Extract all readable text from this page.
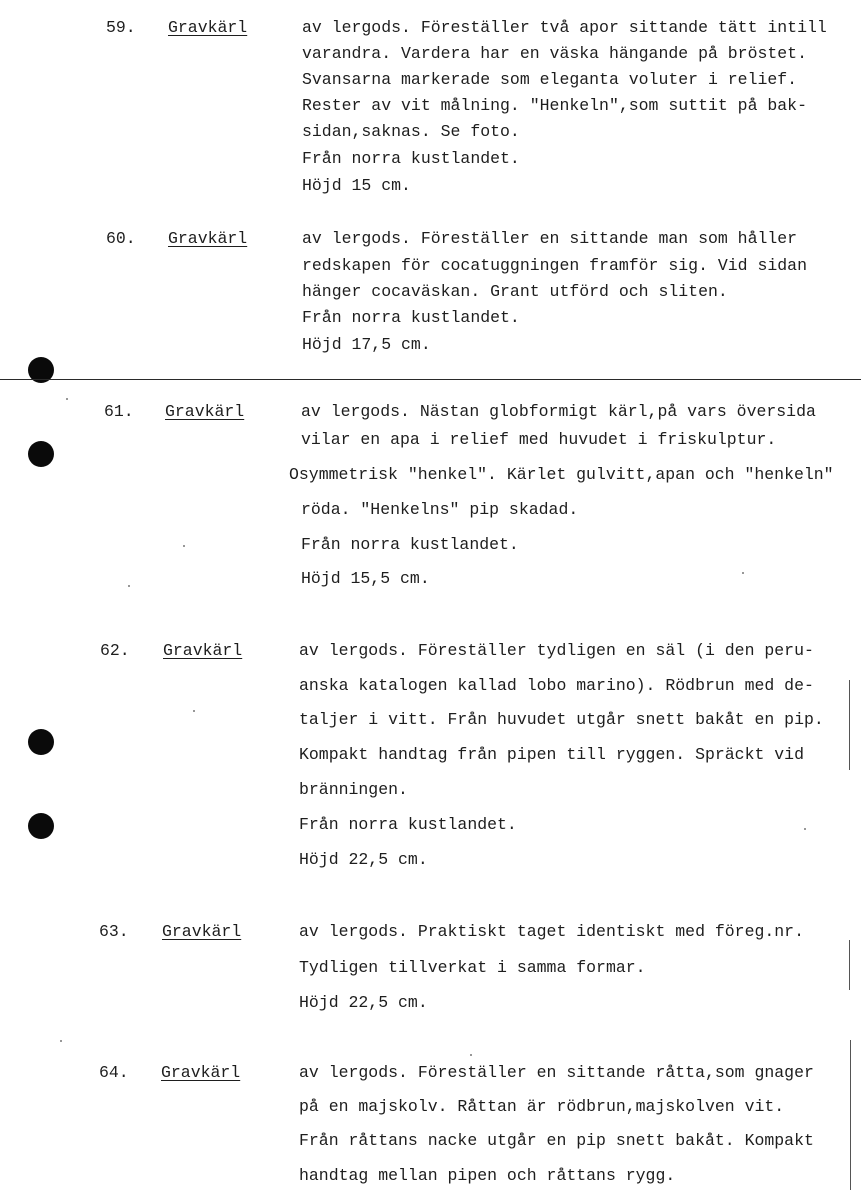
59. Gravkärl	av lergods. Föreställer två apor sittande tätt intill
varandra. Vardera har en väska hängande på bröstet.
Svansarna markerade som eleganta voluter i relief.
Rester av vit målning. "Henkeln",som suttit på bak-
sidan,saknas. Se foto.
Från norra kustlandet.
Höjd 15 cm.
60. Gravkärl	av lergods. Föreställer en sittande man som håller
redskapen för cocatuggningen framför sig. Vid sidan
hänger cocaväskan. Grant utförd och sliten.
Från norra kustlandet.
Höjd 17,5 cm.
61. Gravkärl	av lergods. Nästan globformigt kärl,på vars översida
vilar en apa i relief med huvudet i friskulptur.
Osymmetrisk "henkel". Kärlet gulvitt,apan och "henkeln"
röda. "Henkelns" pip skadad.
Från norra kustlandet.
Höjd 15,5 cm.
62. Gravkärl	av lergods. Föreställer tydligen en säl (i den peru-
anska katalogen kallad lobo marino). Rödbrun med de-
taljer i vitt. Från huvudet utgår snett bakåt en pip.
Kompakt handtag från pipen till ryggen. Spräckt vid
bränningen.
Från norra kustlandet.
Höjd 22,5 cm.
63. Gravkärl	av lergods. Praktiskt taget identiskt med föreg.nr.
Tydligen tillverkat i samma formar.
Höjd 22,5 cm.
64. Gravkärl	av lergods. Föreställer en sittande råtta,som gnager
på en majskolv. Råttan är rödbrun,majskolven vit.
Från råttans nacke utgår en pip snett bakåt. Kompakt
handtag mellan pipen och råttans rygg.
